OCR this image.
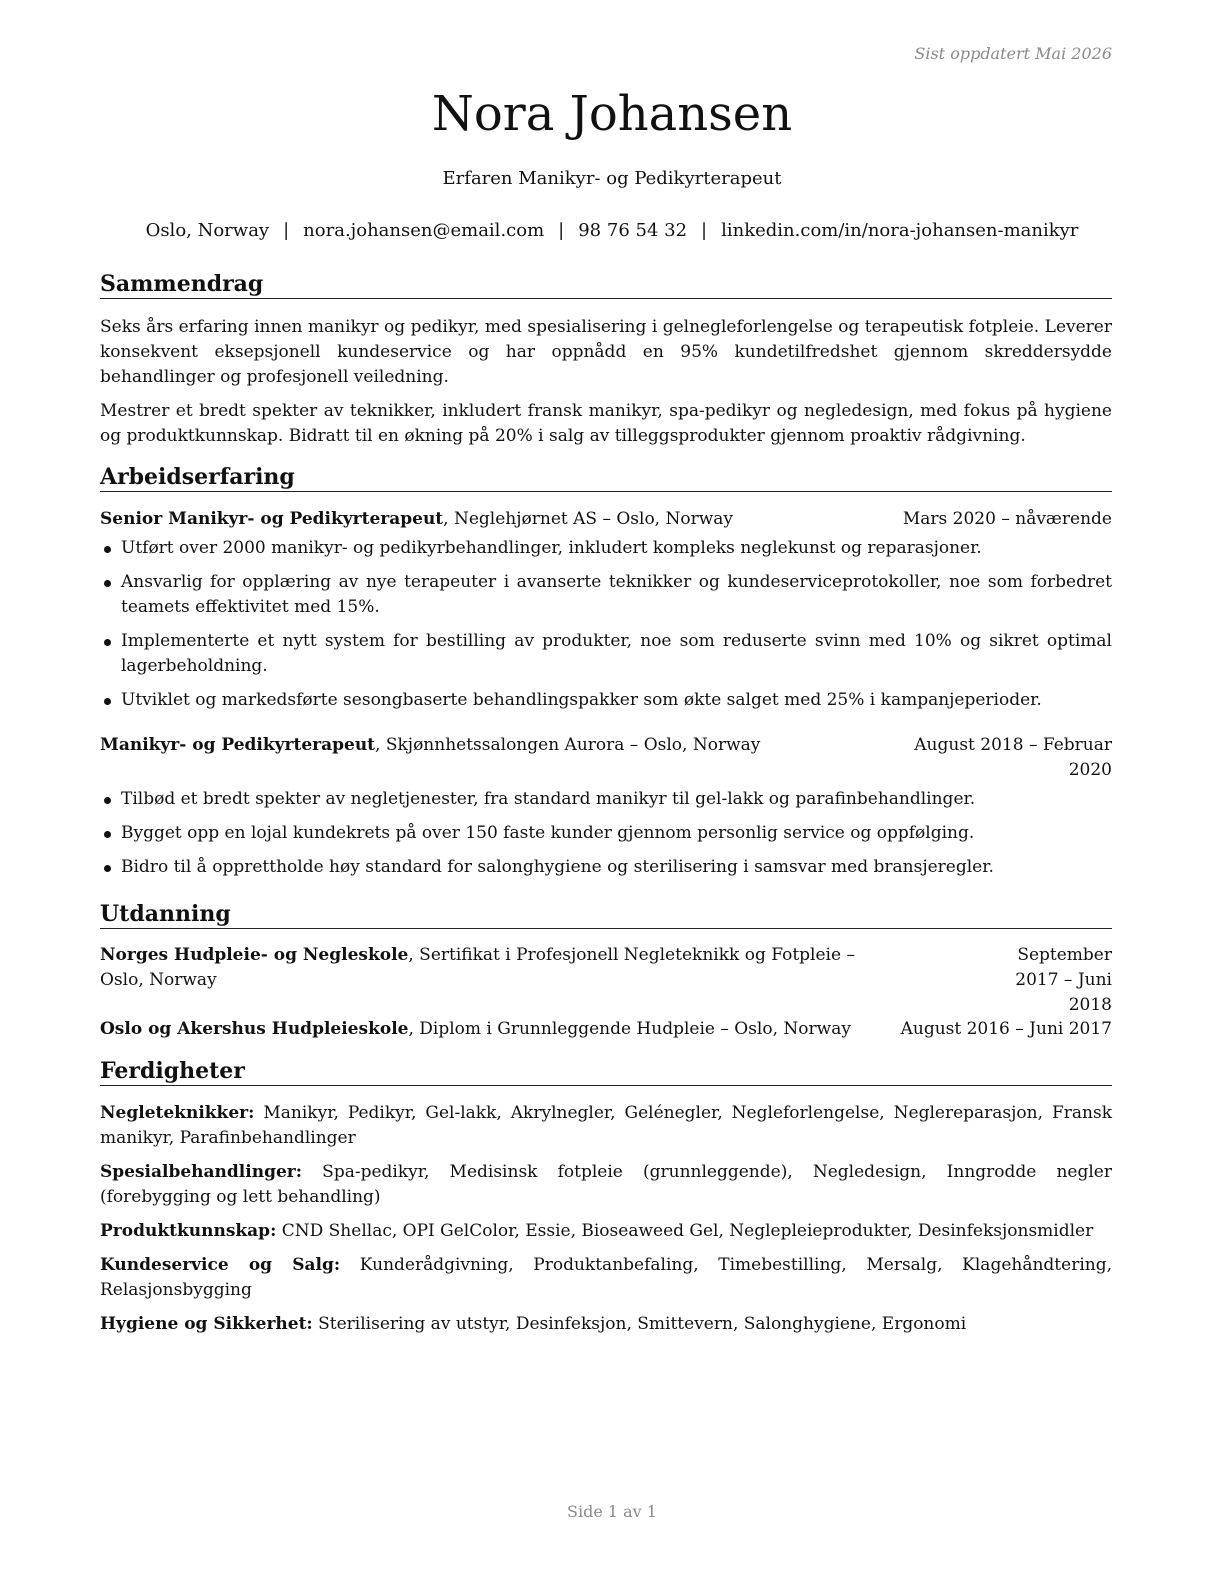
Sist oppdatert Mai 2026
Nora Johansen
Erfaren Manikyr- og Pedikyrterapeut
Oslo, Norway | nora.johansen@email.com | 98 76 54 32 | linkedin.com/in/nora-johansen-manikyr
Sammendrag

Seks års erfaring innen manikyr og pedikyr, med spesialisering i gelnegleforlengelse og terapeutisk fotpleie. Leverer konsekvent eksepsjonell kundeservice og har oppnådd en 95% kundetilfredshet gjennom skreddersydde behandlinger og profesjonell veiledning.

Mestrer et bredt spekter av teknikker, inkludert fransk manikyr, spa-pedikyr og negledesign, med fokus på hygiene og produktkunnskap. Bidratt til en økning på 20% i salg av tilleggsprodukter gjennom proaktiv rådgivning.

Arbeidserfaring
Senior Manikyr- og Pedikyrterapeut, Neglehjørnet AS – Oslo, Norway	Mars 2020 – nåværende
Utført over 2000 manikyr- og pedikyrbehandlinger, inkludert kompleks neglekunst og reparasjoner.
Ansvarlig for opplæring av nye terapeuter i avanserte teknikker og kundeserviceprotokoller, noe som forbedret teamets effektivitet med 15%.
Implementerte et nytt system for bestilling av produkter, noe som reduserte svinn med 10% og sikret optimal lagerbeholdning.
Utviklet og markedsførte sesongbaserte behandlingspakker som økte salget med 25% i kampanjeperioder.
Manikyr- og Pedikyrterapeut, Skjønnhetssalongen Aurora – Oslo, Norway	August 2018 – Februar 2020
Tilbød et bredt spekter av negletjenester, fra standard manikyr til gel-lakk og parafinbehandlinger.
Bygget opp en lojal kundekrets på over 150 faste kunder gjennom personlig service og oppfølging.
Bidro til å opprettholde høy standard for salonghygiene og sterilisering i samsvar med bransjeregler.
Utdanning
Norges Hudpleie- og Negleskole, Sertifikat i Profesjonell Negleteknikk og Fotpleie – Oslo, Norway
September 2017 – Juni 2018
Oslo og Akershus Hudpleieskole, Diplom i Grunnleggende Hudpleie – Oslo, Norway	August 2016 – Juni 2017
Ferdigheter
Negleteknikker: Manikyr, Pedikyr, Gel-lakk, Akrylnegler, Gelénegler, Negleforlengelse, Neglereparasjon, Fransk manikyr, Parafinbehandlinger
Spesialbehandlinger: Spa-pedikyr, Medisinsk fotpleie (grunnleggende), Negledesign, Inngrodde negler (forebygging og lett behandling)
Produktkunnskap: CND Shellac, OPI GelColor, Essie, Bioseaweed Gel, Neglepleieprodukter, Desinfeksjonsmidler
Kundeservice og Salg: Kunderådgivning, Produktanbefaling, Timebestilling, Mersalg, Klagehåndtering, Relasjonsbygging
Hygiene og Sikkerhet: Sterilisering av utstyr, Desinfeksjon, Smittevern, Salonghygiene, Ergonomi
Side 1 av 1
